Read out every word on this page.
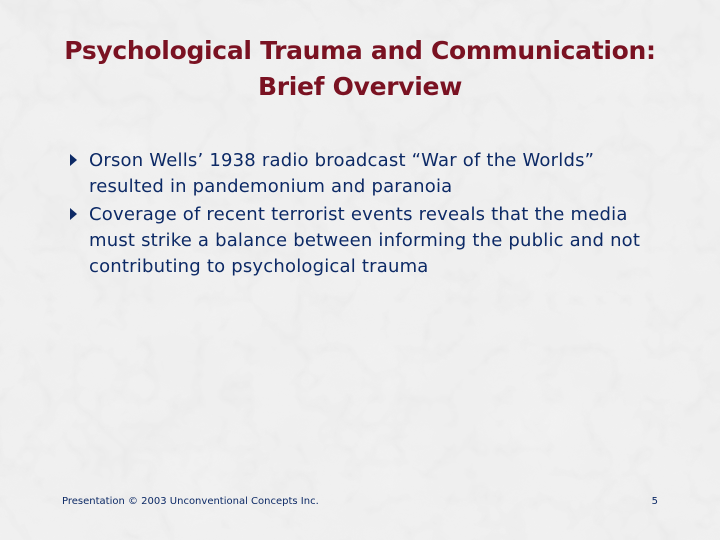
Psychological Trauma and Communication:
Brief Overview
Orson Wells’ 1938 radio broadcast “War of the Worlds” resulted in pandemonium and paranoia
Coverage of recent terrorist events reveals that the media must strike a balance between informing the public and not contributing to psychological trauma
Presentation © 2003 Unconventional Concepts Inc.	5
